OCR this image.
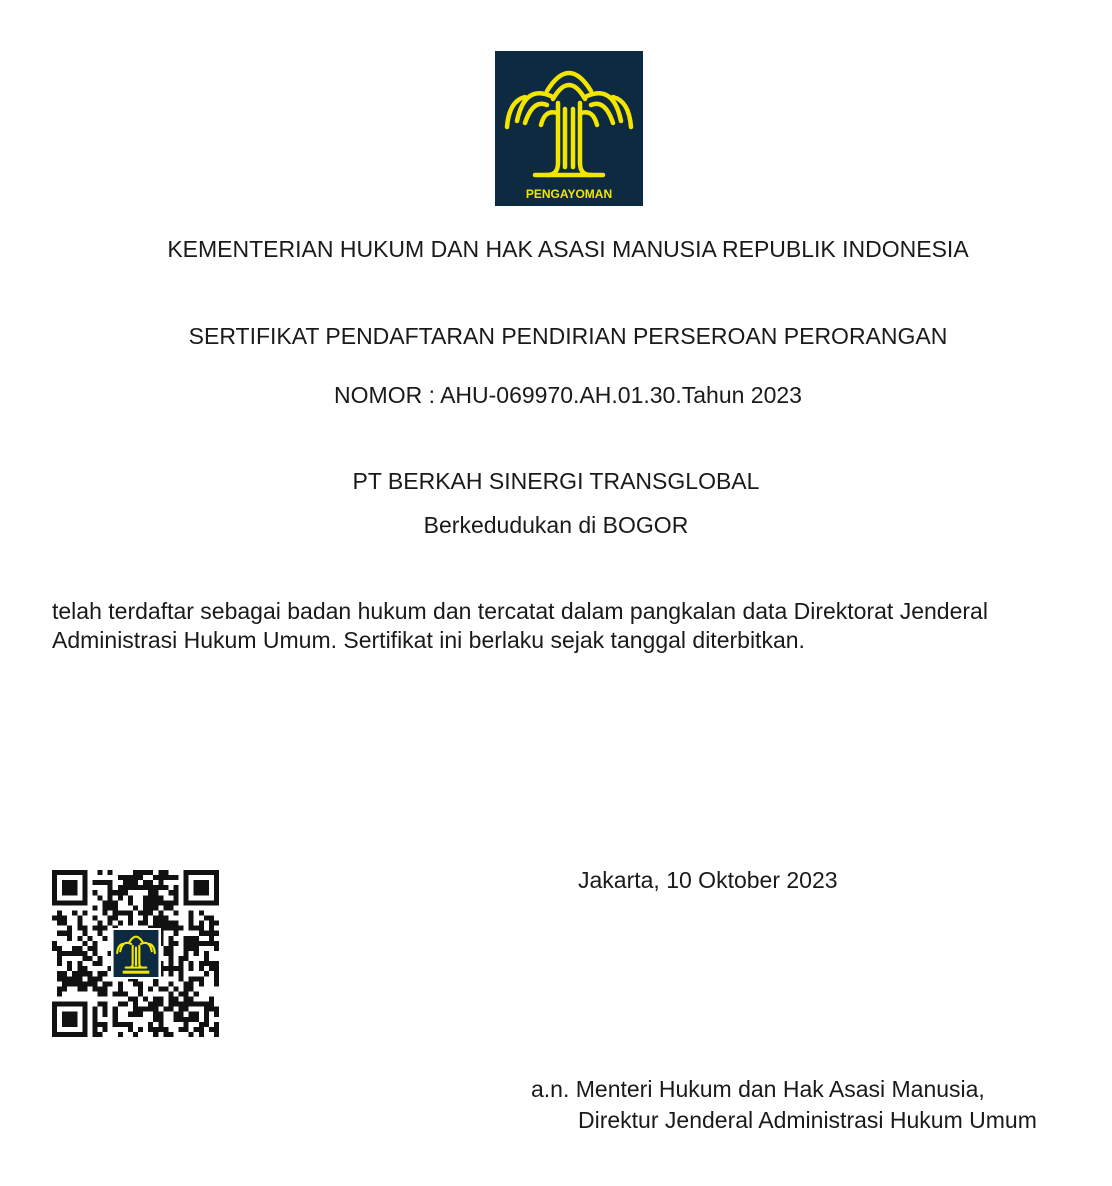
PENGAYOMAN
KEMENTERIAN HUKUM DAN HAK ASASI MANUSIA REPUBLIK INDONESIA
SERTIFIKAT PENDAFTARAN PENDIRIAN PERSEROAN PERORANGAN
NOMOR : AHU-069970.AH.01.30.Tahun 2023
PT BERKAH SINERGI TRANSGLOBAL
Berkedudukan di BOGOR
telah terdaftar sebagai badan hukum dan tercatat dalam pangkalan data Direktorat Jenderal
Administrasi Hukum Umum. Sertifikat ini berlaku sejak tanggal diterbitkan.
Jakarta, 10 Oktober 2023
a.n. Menteri Hukum dan Hak Asasi Manusia,
Direktur Jenderal Administrasi Hukum Umum
